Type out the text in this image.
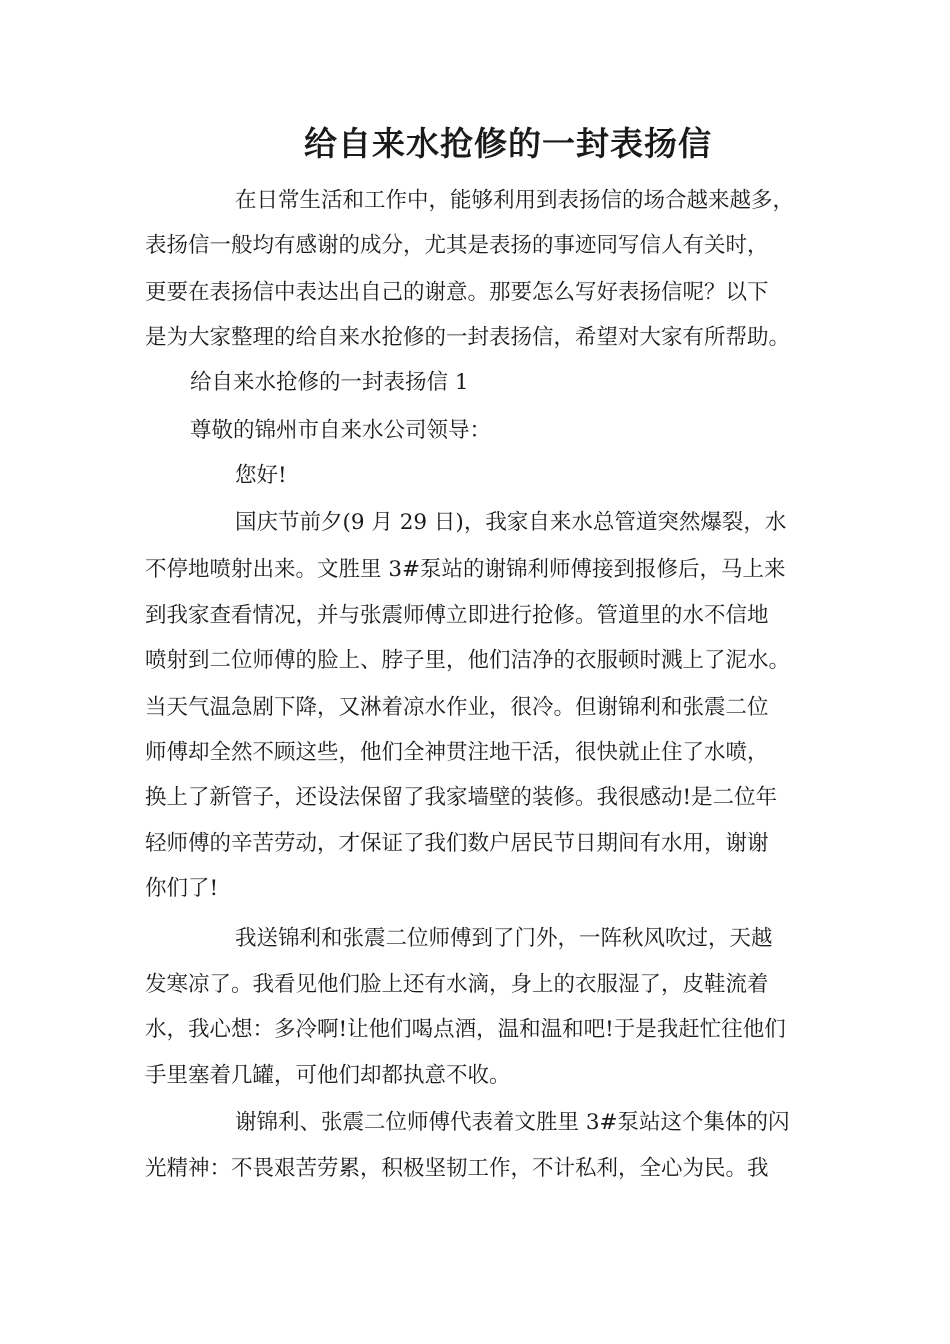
给自来水抢修的一封表扬信

在日常生活和工作中，能够利用到表扬信的场合越来越多，

表扬信一般均有感谢的成分，尤其是表扬的事迹同写信人有关时，

更要在表扬信中表达出自己的谢意。那要怎么写好表扬信呢？以下

是为大家整理的给自来水抢修的一封表扬信，希望对大家有所帮助。

给自来水抢修的一封表扬信 1

尊敬的锦州市自来水公司领导：

您好!

国庆节前夕(9 月 29 日)，我家自来水总管道突然爆裂，水

不停地喷射出来。文胜里 3#泵站的谢锦利师傅接到报修后，马上来

到我家查看情况，并与张震师傅立即进行抢修。管道里的水不信地

喷射到二位师傅的脸上、脖子里，他们洁净的衣服顿时溅上了泥水。

当天气温急剧下降，又淋着凉水作业，很冷。但谢锦利和张震二位

师傅却全然不顾这些，他们全神贯注地干活，很快就止住了水喷，

换上了新管子，还设法保留了我家墙壁的装修。我很感动!是二位年

轻师傅的辛苦劳动，才保证了我们数户居民节日期间有水用，谢谢

你们了!

我送锦利和张震二位师傅到了门外，一阵秋风吹过，天越

发寒凉了。我看见他们脸上还有水滴，身上的衣服湿了，皮鞋流着

水，我心想：多冷啊!让他们喝点酒，温和温和吧!于是我赶忙往他们

手里塞着几罐，可他们却都执意不收。

谢锦利、张震二位师傅代表着文胜里 3#泵站这个集体的闪

光精神：不畏艰苦劳累，积极坚韧工作，不计私利，全心为民。我
